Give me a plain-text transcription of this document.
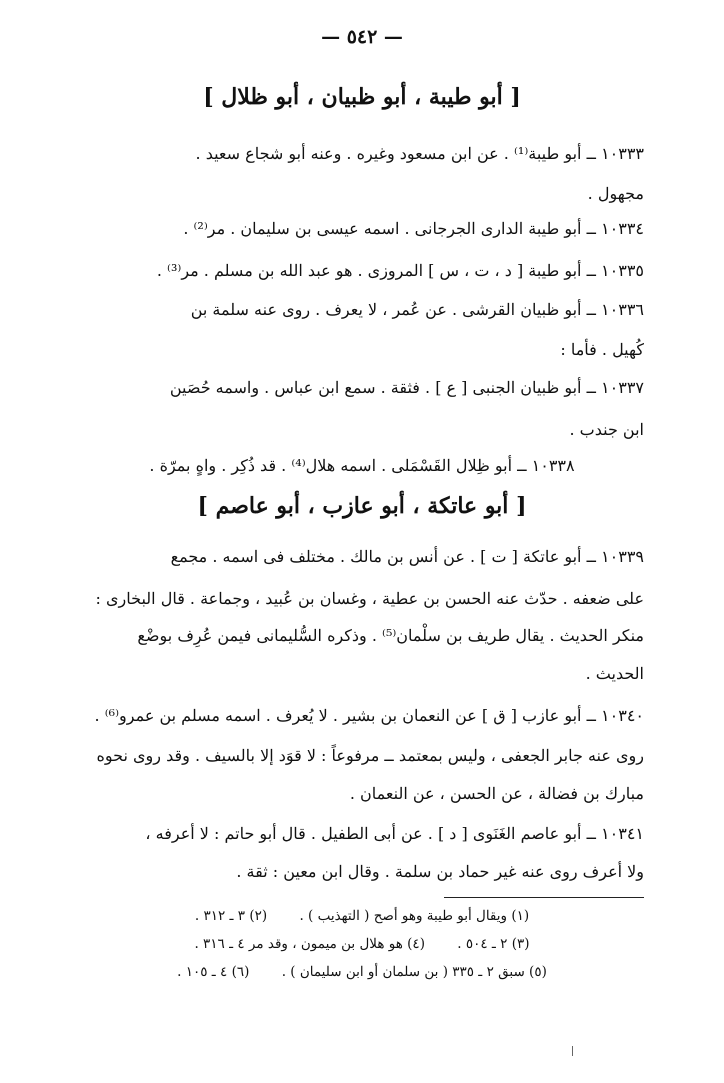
— ٥٤٢ —
[ أبو طيبة ، أبو ظبيان ، أبو ظلال ]
١٠٣٣٣ ــ أبو طيبة⁽¹⁾ . عن ابن مسعود وغيره . وعنه أبو شجاع سعيد .
مجهول .
١٠٣٣٤ ــ أبو طيبة الدارى الجرجانى . اسمه عيسى بن سليمان . مر⁽²⁾ .
١٠٣٣٥ ــ أبو طيبة [ د ، ت ، س ] المروزى . هو عبد الله بن مسلم . مر⁽³⁾ .
١٠٣٣٦ ــ أبو ظبيان القرشى . عن عُمر ، لا يعرف . روى عنه سلمة بن
كُهيل . فأما :
١٠٣٣٧ ــ أبو ظبيان الجنبى [ ع ] . فثقة . سمع ابن عباس . واسمه حُصَين
ابن جندب .
١٠٣٣٨ ــ أبو ظِلال القَسْمَلى . اسمه هلال⁽⁴⁾ . قد ذُكِر . واهٍ بمرّة .
[ أبو عاتكة ، أبو عازب ، أبو عاصم ]
١٠٣٣٩ ــ أبو عاتكة [ ت ] . عن أنس بن مالك . مختلف فى اسمه . مجمع
على ضعفه . حدّث عنه الحسن بن عطية ، وغسان بن عُبيد ، وجماعة . قال البخارى :
منكر الحديث . يقال طريف بن سلْمان⁽⁵⁾ . وذكره السُّليمانى فيمن عُرِف بوضْع
الحديث .
١٠٣٤٠ ــ أبو عازب [ ق ] عن النعمان بن بشير . لا يُعرف . اسمه مسلم بن عمرو⁽⁶⁾ .
روى عنه جابر الجعفى ، وليس بمعتمد ــ مرفوعاً : لا قوَد إلا بالسيف . وقد روى نحوه
مبارك بن فضالة ، عن الحسن ، عن النعمان .
١٠٣٤١ ــ أبو عاصم الغَنَوى [ د ] . عن أبى الطفيل . قال أبو حاتم : لا أعرفه ،
ولا أعرف روى عنه غير حماد بن سلمة . وقال ابن معين : ثقة .
(١) ويقال أبو طيبة وهو أصح ( التهذيب ) . (٢) ٣ ـ ٣١٢ .
(٣) ٢ ـ ٥٠٤ . (٤) هو هلال بن ميمون ، وقد مر ٤ ـ ٣١٦ .
(٥) سبق ٢ ـ ٣٣٥ ( بن سلمان أو ابن سليمان ) . (٦) ٤ ـ ١٠٥ .
